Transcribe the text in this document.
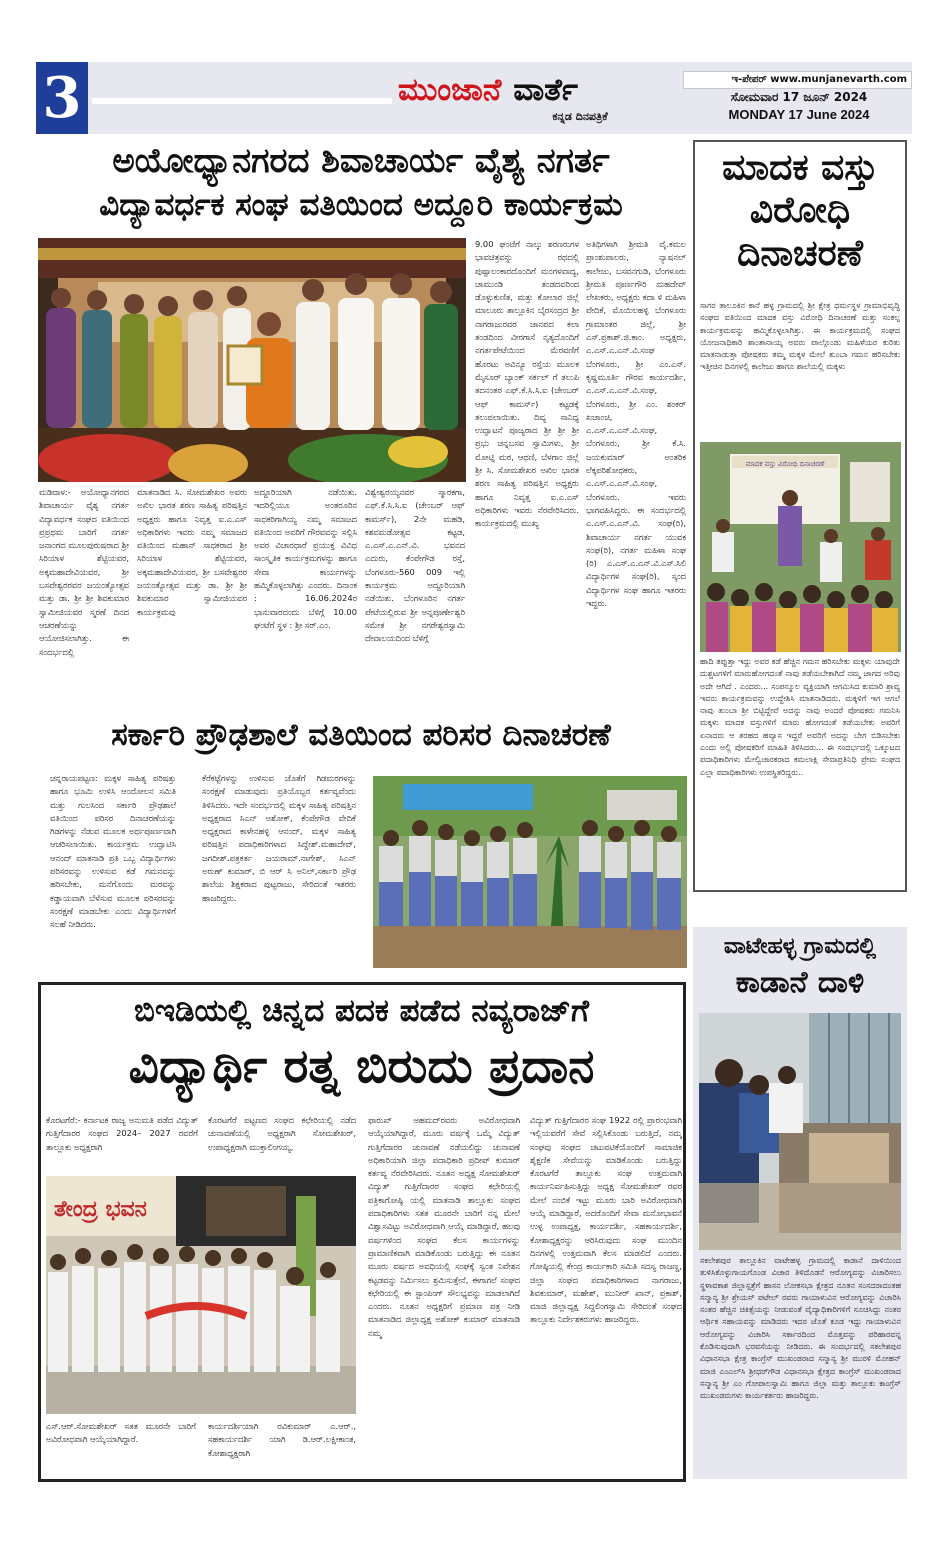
3	ಮುಂಜಾನೆ ವಾರ್ತೆ
ಕನ್ನಡ ದಿನಪತ್ರಿಕೆ
ಇ-ಪೇಪರ್ www.munjanevarth.com
ಸೋಮವಾರ 17 ಜೂನ್ 2024
MONDAY 17 June 2024
ಅಯೋಧ್ಯಾನಗರದ ಶಿವಾಚಾರ್ಯ ವೈಶ್ಯ ನಗರ್ತ
ವಿದ್ಯಾವರ್ಧಕ ಸಂಘ ವತಿಯಿಂದ ಅದ್ದೂರಿ ಕಾರ್ಯಕ್ರಮ
ಮಡಿವಾಳ:- ಅಯೋಧ್ಯಾನಗರದ ಶಿವಾಚಾರ್ಯ ವೈಶ್ಯ ನಗರ್ತ ವಿದ್ಯಾವರ್ಧಕ ಸಂಘದ ವತಿಯಿಂದ ಪ್ರಪ್ರಥಮ ಬಾರಿಗೆ ನಗರ್ತ ಜನಾಂಗದ ಮೂಲಪುರುಷರಾದ ಶ್ರೀ ಸಿರಿಯಾಳ ಶೆಟ್ಟಿಯವರ, ಅಕ್ಕಮಹಾದೇವಿಯವರ, ಶ್ರೀ ಬಸವೇಶ್ವರರವರ ಜಯಂತ್ಯೋತ್ಸವ ಮತ್ತು ಡಾ. ಶ್ರೀ ಶ್ರೀ ಶಿವಕುಮಾರ ಸ್ವಾಮೀಜಿಯವರ ಸ್ಮರಣೆ ದಿನದ ಆಚರಣೆಯನ್ನು ಆಯೋಜಿಸಲಾಗಿತ್ತು. ಈ ಸಂದರ್ಭದಲ್ಲಿ
ಮಾತನಾಡಿದ ಸಿ. ಸೋಮಶೇಖರ ಅವರು ಅಖಿಲ ಭಾರತ ಶರಣ ಸಾಹಿತ್ಯ ಪರಿಷತ್ತಿನ ಅಧ್ಯಕ್ಷರು ಹಾಗೂ ನಿವೃತ್ತ ಐ.ಎ.ಎಸ್ ಅಧಿಕಾರಿಗಳು ಇವರು ನಮ್ಮ ಸಮಾಜದ ವತಿಯಿಂದ ಮಹಾನ್ ಸಾಧಕರಾದ ಶ್ರೀ ಸಿರಿಯಾಳ ಶೆಟ್ಟಿಯವರ, ಅಕ್ಕಮಹಾದೇವಿಯವರ, ಶ್ರೀ ಬಸವೇಶ್ವರರ ಜಯಂತ್ಯೋತ್ಸವ ಮತ್ತು ಡಾ. ಶ್ರೀ ಶ್ರೀ ಶಿವಕುಮಾರ ಸ್ವಾಮೀಜಿಯವರ ಕಾರ್ಯಕ್ರಮವು
ಅದ್ದೂರಿಯಾಗಿ ನಡೆಯಿತು. ಇದರಿಲ್ಲಿಯೂ ಅಂತರೂರಿನ ಸಾಧಕರಿಗಾಗಿಯ್ಯ ನಮ್ಮ ಸಮಾಜದ ವತಿಯಿಂದ ಅವರಿಗೆ ಗೌರವವನ್ನು ಸಲ್ಲಿಸಿ ಅವರ ವಿಚಾರಧಾರೆ ಪ್ರಯುಕ್ತ ವಿವಿಧ ಸಾಂಸ್ಕೃತಿಕ ಕಾರ್ಯಕ್ರಮಗಳನ್ನು ಹಾಗೂ ಸೇವಾ ಕಾರ್ಯಗಳನ್ನು ಹಮ್ಮಿಕೊಳ್ಳಲಾಗಿತ್ತು ಎಂದರು. ದಿನಾಂಕ : 16.06.2024ರ ಭಾನುವಾರದಂದು ಬೆಳಿಗ್ಗೆ 10.00 ಘಂಟೆಗೆ ಸ್ಥಳ : ಶ್ರೀ ಸರ್.ಎಂ.
ವಿಶ್ವೇಶ್ವರಯ್ಯನವರ ಸ್ಮಾರಕಗಾ, ಎಫ್.ಕೆ.ಸಿ.ಸಿ.ಐ (ಚೇಂಬರ್ ಆಫ್ ಕಾಮರ್ಸ್), 2ನೇ ಮಹಡಿ, ಕಶವಮಡೋತ್ಸವ ಕಟ್ಟಡ, ಎ.ಎಸ್.ಎ.ಎನ್.ವಿ. ಭವನದ ಎದುರು, ಕೆಂಪೇಗೌಡ ರಸ್ತೆ, ಬೆಂಗಳೂರು-560 009 ಇಲ್ಲಿ ಕಾರ್ಯಕ್ರಮ ಅದ್ದೂರಿಯಾಗಿ ನಡೆಯಿತು. ಬೆಂಗಳೂರಿನ ನಗರ್ತ ಪೇಟೆಯಲ್ಲಿರುವ ಶ್ರೀ ಅನ್ನಪೂರ್ಣೇಶ್ವರಿ ಸಮೇತ ಶ್ರೀ ನಗರೇಶ್ವರಸ್ವಾಮಿ ದೇವಾಲಯದಿಂದ ಬೆಳಿಗ್ಗೆ
9.00 ಘಂಟೆಗೆ ನಾಲ್ಕು ಶರಣರುಗಳ ಭಾವಚಿತ್ರವನ್ನು ರಥದಲ್ಲಿ ಪುಷ್ಪಾಲಂಕಾರದೊಂದಿಗೆ ಮಂಗಳವಾದ್ಯ, ಚಾಮುಂಡಿ ತಂಡದವರಿಂದ ಡೊಳ್ಳುಕುಣಿತ, ಮತ್ತು ಕೋಲಾರ ಜಿಲ್ಲೆ ಮಾಲೂರು ತಾಲ್ಲೂಕಿನ ಬೈರಸಂದ್ರದ ಶ್ರೀ ನಾಗರಾಜುರವರ ಜಾನಪದ ಕಲಾ ತಂಡದಿಂದ ವೀರಗಾಸೆ ನೃತ್ಯದೊಂದಿಗೆ ನಗರ್ತಪೇಟೆಯಿಂದ ಮೆರವಣಿಗೆ ಹೊರಟು ಅವಿನ್ಯೂ ರಸ್ತೆಯ ಮೂಲಕ ಮೈಸೂರ್ ಬ್ಯಾಂಕ್ ಸರ್ಕಲ್ ಗೆ ತಲುಪಿ ತದನಂತರ ಎಫ್.ಕೆ.ಸಿ.ಸಿ.ಐ (ಚೇಂಬರ್ ಆಫ್ ಕಾಮರ್ಸ್) ಕಟ್ಟಡಕ್ಕೆ ತಲುಪಲಾಯಿತು. ದಿವ್ಯ ಸಾನಿಧ್ಯ ಉದ್ಘಾಟನೆ ಪೂಜ್ಯರಾದ ಶ್ರೀ ಶ್ರೀ ಶ್ರೀ ಪ್ರಭು ಚನ್ನಬಸವ ಸ್ವಾಮಿಗಳು, ಶ್ರೀ ಮೋಟ್ನಿ ಮಠ, ಆಥಣಿ, ಬೆಳಗಾಂ ಜಿಲ್ಲೆ ಶ್ರೀ ಸಿ. ಸೋಮಶೇಖರ ಅಖಿಲ ಭಾರತ ಶರಣ ಸಾಹಿತ್ಯ ಪರಿಷತ್ತಿನ ಅಧ್ಯಕ್ಷರು ಹಾಗೂ ನಿವೃತ್ತ ಐ.ಎ.ಎಸ್ ಅಧಿಕಾರಿಗಳು ಇವರು ನೆರವೇರಿಸಿದರು. ಕಾರ್ಯಕ್ರಮದಲ್ಲಿ ಮುಖ್ಯ
ಅತಿಥಿಗಳಾಗಿ ಶ್ರೀಮತಿ ವೈ.ಕಮಲ ಪ್ರಾಂಶುಪಾಲರು, ನ್ಯಾಷನಲ್ ಕಾಲೇಜು, ಬಸವನಗುಡಿ, ಬೆಂಗಳೂರು ಶ್ರೀಮತಿ ಪೂರ್ಣಗೌರಿ ಮಹದೇವ್ ಲೇಖಕರು, ಅಧ್ಯಕ್ಷರು ಕದಾ ಳಿ ಮಹಿಳಾ ವೇದಿಕೆ, ಮೊಯಿಲಹಳ್ಳಿ ಬೆಂಗಳೂರು ಗ್ರಾಮಾಂತರ ಜಿಲ್ಲೆ, ಶ್ರೀ ಎಸ್.ಪ್ರಕಾಶ್.ಜಿ.ಕಾಂ. ಅಧ್ಯಕ್ಷರು, ಎ.ಎಸ್.ಎ.ಎನ್.ವಿ.ಸಂಘ ಬೆಂಗಳೂರು, ಶ್ರೀ ಎಂ.ಎಸ್. ಕೃಷ್ಣಮೂರ್ತಿ ಗೌರವ ಕಾರ್ಯದರ್ಶಿ, ಎ.ಎಸ್.ಎ.ಎನ್.ವಿ.ಸಂಘ, ಬೆಂಗಳೂರು, ಶ್ರೀ ಎಂ. ಶಂಕರ್ ಖಜಾಂಚಿ, ಎ.ಎಸ್.ಎ.ಎನ್.ವಿ.ಸಂಘ, ಬೆಂಗಳೂರು, ಶ್ರೀ ಕೆ.ಸಿ. ಜಯಕುಮಾರ್ ಅಂತರಿಕ ಲೆಕ್ಕಪರಿಶೋಧಕರು, ಎ.ಎಸ್.ಎ.ಎನ್.ವಿ.ಸಂಘ, ಬೆಂಗಳೂರು. ಇವರು ಭಾಗವಹಿಸಿದ್ದರು. ಈ ಸಂದರ್ಭದಲ್ಲಿ ಎ.ಎಸ್.ಎ.ಎನ್.ವಿ. ಸಂಘ(ರಿ), ಶಿವಾಚಾರ್ಯ ನಗರ್ತ ಯುವಕ ಸಂಘ(ರಿ), ನಗರ್ತ ಮಹಿಳಾ ಸಂಘ (ರಿ) ಎ.ಎಸ್.ಎ.ಎನ್.ವಿ.ಎಸ್.ಸಿಲಿ ವಿದ್ಯಾರ್ಥಿಗಳ ಸಂಘ(ರಿ), ಸ್ಕಂದ ವಿದ್ಯಾರ್ಥಿಗಳ ಸಂಘ ಹಾಗೂ ಇತರರು ಇದ್ದರು.
ಸರ್ಕಾರಿ ಪ್ರೌಢಶಾಲೆ ವತಿಯಿಂದ ಪರಿಸರ ದಿನಾಚರಣೆ
ಚನ್ನರಾಯಪಟ್ಟಣ: ಮಕ್ಕಳ ಸಾಹಿತ್ಯ ಪರಿಷತ್ತು ಹಾಗೂ ಭೂಮಿ ಉಳಿಸಿ ಆಂದೋಲನ ಸಮಿತಿ ಮತ್ತು ಗುಲಸಿಂದ ಸರ್ಕಾರಿ ಪ್ರೌಢಶಾಲೆ ವತಿಯಿಂದ ಪರಿಸರ ದಿನಾಚರಣೆಯನ್ನು ಗಿಡಗಳನ್ನು ನೆಡುವ ಮೂಲಕ ಅರ್ಥಪೂರ್ಣವಾಗಿ ಆಚರಿಸಲಾಯಿತು. ಕಾರ್ಯಕ್ರಮ ಉದ್ಘಾಟಿಸಿ ಆನಂದ್ ಮಾತನಾಡಿ ಪ್ರತಿ ಒಬ್ಬ ವಿದ್ಯಾರ್ಥಿಗಳು ಪರಿಸರವನ್ನು ಉಳಿಸುವ ಕಡೆ ಗಮನವನ್ನು ಹರಿಸಬೇಕು, ಮನೆಗೊಂದು ಮರವನ್ನು ಕಡ್ಡಾಯವಾಗಿ ಬೆಳೆಸುವ ಮೂಲಕ ಪರಿಸರವನ್ನು ಸಂರಕ್ಷಣೆ ಮಾಡಬೇಕು ಎಂದು ವಿದ್ಯಾರ್ಥಿಗಳಿಗೆ ಸಲಹೆ ನೀಡಿದರು.
ಕೆರೆಕಟ್ಟೆಗಳನ್ನು ಉಳಿಸುವ ಜೊತೆಗೆ ಗಿಡಮರಗಳನ್ನು ಸಂರಕ್ಷಣೆ ಮಾಡುವುದು ಪ್ರತಿಯೊಬ್ಬರ ಕರ್ತವ್ಯವೆಂದು ತಿಳಿಸಿದರು. ಇದೇ ಸಂದರ್ಭದಲ್ಲಿ ಮಕ್ಕಳ ಸಾಹಿತ್ಯ ಪರಿಷತ್ತಿನ ಅಧ್ಯಕ್ಷರಾದ ಸಿಎನ್ ಅಶೋಕ್, ಕೆಂಪೇಗೌಡ ವೇದಿಕೆ ಅಧ್ಯಕ್ಷರಾದ ಕಾಳೇನಹಳ್ಳಿ ಆನಂದ್, ಮಕ್ಕಳ ಸಾಹಿತ್ಯ ಪರಿಷತ್ತಿನ ಪದಾಧಿಕಾರಿಗಳಾದ ಸಿದ್ದೇಶ್.ಮಹಾದೇವ್, ಜಗದೀಶ್.ಪತ್ರಕರ್ತ ಜಯರಾಮ್.ನಾಗೇಶ್, ಸಿಎನ್ ಅರುಣ್ ಕುಮಾರ್, ಬಿ ಆರ್ ಸಿ ಅನಿಲ್,ಸರ್ಕಾರಿ ಪ್ರೌಢ ಶಾಲೆಯ ಶಿಕ್ಷಕರಾದ ಪುಟ್ಟರಾಜು, ಸೇರಿದಂತೆ ಇತರರು ಹಾಜರಿದ್ದರು.
ಬಿಇಡಿಯಲ್ಲಿ ಚಿನ್ನದ ಪದಕ ಪಡೆದ ನವ್ಯರಾಜ್‌ಗೆ
ವಿದ್ಯಾರ್ಥಿ ರತ್ನ ಬಿರುದು ಪ್ರದಾನ
ಕೊರಟಗೆರೆ:- ಕರ್ನಾಟಕ ರಾಜ್ಯ ಅನುಮತಿ ಪಡೆದ ವಿದ್ಯುತ್ ಗುತ್ತಿಗೆದಾರರ ಸಂಘದ 2024– 2027 ರವರೆಗೆ ತಾಲ್ಲೂಕು ಅಧ್ಯಕ್ಷರಾಗಿ
ಕೊರಟಗೆರೆ ಪಟ್ಟಣದ ಸಂಘದ ಕಛೇರಿಯಲ್ಲಿ ನಡೆದ ಚುನಾವಣೆಯಲ್ಲಿ ಅಧ್ಯಕ್ಷರಾಗಿ ಸೋಮಶೇಖರ್, ಉಪಾಧ್ಯಕ್ಷರಾಗಿ ಮುಕ್ತಾಲಿಂಗಯ್ಯ,
ತೇಂದ್ರ ಭವನ
ಎಸ್.ಆರ್.ಸೋಮಶೇಖರ್ ಸತತ ಮೂರನೇ ಬಾರಿಗೆ ಅವಿರೋಧವಾಗಿ ಆಯ್ಕೆಯಾಗಿದ್ದಾರೆ.
ಕಾರ್ಯದರ್ಶಿಯಾಗಿ ರವಿಕುಮಾರ್ ಎ.ಆರ್., ಸಹಕಾರ್ಯದರ್ಶಿ ಯಾಗಿ ಡಿ.ಆರ್.ಲಕ್ಷೀಕಾಂತ, ಕೋಶಾಧ್ಯಕ್ಷರಾಗಿ
ಫಾರುಖ್ ಅಹಮದ್‌ರವರು ಅವಿರೋಧವಾಗಿ ಆಯ್ಕೆಯಾಗಿದ್ದಾರೆ, ಮೂರು ವರ್ಷಕ್ಕೆ ಒಮ್ಮೆ ವಿದ್ಯುತ್ ಗುತ್ತಿಗೆದಾರರ ಚುನಾವಣೆ ನಡೆಯಲಿದ್ದು ಚುನಾವಣೆ ಅಧಿಕಾರಿಯಾಗಿ ಜಿಲ್ಲಾ ಪದಾಧಿಕಾರಿ ಪ್ರದೀಪ್ ಕುಮಾರ್ ಕರ್ತವ್ಯ ನೆರವೇರಿಸಿದರು. ನೂತನ ಅಧ್ಯಕ್ಷ ಸೋಮಶೇಖರ್ ವಿದ್ಯುತ್ ಗುತ್ತಿಗೆದಾರರ ಸಂಘದ ಕಛೇರಿಯಲ್ಲಿ ಪತ್ರಿಕಾಗೋಷ್ಠಿ ಯಲ್ಲಿ ಮಾತನಾಡಿ ತಾಲ್ಲೂಕು ಸಂಘದ ಪದಾಧಿಕಾರಿಗಳು ಸತತ ಮೂರನೇ ಬಾರಿಗೆ ನನ್ನ ಮೇಲೆ ವಿಶ್ವಾಸವಿಟ್ಟು ಅವಿರೋಧವಾಗಿ ಆಯ್ಕೆ ಮಾಡಿದ್ದಾರೆ, ಹಲವು ವರ್ಷಗಳಿಂದ ಸಂಘದ ಕೆಲಸ ಕಾರ್ಯಗಳನ್ನು ಪ್ರಾಮಾಣಿಕವಾಗಿ ಮಾಡಿಕೊಂಡು ಬರುತ್ತಿದ್ದು ಈ ನೂತನ ಮೂರು ವರ್ಷದ ಅವಧಿಯಲ್ಲಿ ಸಂಘಕ್ಕೆ ಸ್ವಂತ ನಿವೇಶನ ಕಟ್ಟಡವನ್ನು ನಿರ್ಮಿಸಲು ಶ್ರಮಿಸುತ್ತೇನೆ, ಈಗಾಗಲೆ ಸಂಘದ ಕಛೇರಿಯಲ್ಲಿ ಈ ಸ್ಟಾಂಪಿಂಗ್ ಸೌಲಭ್ಯವನ್ನು ಮಾಡಲಾಗಿದೆ ಎಂದರು. ನೂತನ ಅಧ್ಯಕ್ಷರಿಗೆ ಪ್ರಮಾಣ ಪತ್ರ ನೀಡಿ ಮಾತನಾಡಿದ ಜಿಲ್ಲಾಧ್ಯಕ್ಷ ಅಶೋಕ್ ಕುಮಾರ್ ಮಾತನಾಡಿ ನಮ್ಮ
ವಿದ್ಯುತ್ ಗುತ್ತಿಗೆದಾರರ ಸಂಘ 1922 ರಲ್ಲಿ ಪ್ರಾರಂಭವಾಗಿ ಇಲ್ಲಿಯವರೆಗೆ ಸೇವೆ ಸಲ್ಲಿಸಿಕೊಂಡು ಬರುತ್ತಿದೆ, ನಮ್ಮ ಸಂಘವು ಸಂಘದ ಚಟುವಟಿಕೆಯೊಂದಿಗೆ ಸಾಮಾಜಿಕ ಶೈಕ್ಷಣಿಕ ಸೇವೆಯನ್ನು ಮಾಡಿಕೊಂಡು ಬರುತ್ತಿದ್ದು ಕೊರಟಗೆರೆ ತಾಲ್ಲೂಕು ಸಂಘ ಉತ್ತಮವಾಗಿ ಕಾರ್ಯನಿರ್ವಹಿಸುತ್ತಿದ್ದು ಅಧ್ಯಕ್ಷ ಸೋಮಶೇಖರ್ ರವರ ಮೇಲೆ ನಂಬಿಕೆ ಇಟ್ಟು ಮೂರು ಬಾರಿ ಅವಿರೋಧವಾಗಿ ಆಯ್ಕೆ ಮಾಡಿದ್ದಾರೆ, ಅದರೊಂದಿಗೆ ಸೇವಾ ಮನೋಭಾವನೆ ಉಳ್ಳ ಉಪಾಧ್ಯಕ್ಷ, ಕಾರ್ಯದರ್ಶಿ, ಸಹಕಾರ್ಯದರ್ಶಿ, ಕೋಶಾಧ್ಯಕ್ಷರನ್ನು ಆರಿಸಿರುವುದು ಸಂಘ ಮುಂದಿನ ದಿನಗಳಲ್ಲಿ ಉತ್ತಮವಾಗಿ ಕೆಲಸ ಮಾಡಲಿದೆ ಎಂದರು. ಗೋಷ್ಠಿಯಲ್ಲಿ ಕೇಂದ್ರ ಕಾರ್ಯಕಾರಿ ಸಮಿತಿ ಸದಸ್ಯ ರಾಜಣ್ಣ, ಜಿಲ್ಲಾ ಸಂಘದ ಪದಾಧಿಕಾರಿಗಳಾದ ನಾಗರಾಜು, ಶಿವಕುಮಾರ್, ಮಹೇಶ್, ಮುನೀರ್ ಖಾನ್, ಪ್ರಕಾಶ್, ಮಾಜಿ ಜಿಲ್ಲಾಧ್ಯಕ್ಷ ಸಿದ್ದಲಿಂಗಸ್ವಾಮಿ ಸೇರಿದಂತೆ ಸಂಘದ ತಾಲ್ಲೂಕು ನಿರ್ದೇಶಕರುಗಳು ಹಾಜರಿದ್ದರು.
ಮಾದಕ ವಸ್ತು ವಿರೋಧಿ ದಿನಾಚರಣೆ
ಸಾಗರ ತಾಲೂಕಿನ ಕಾನೆ ಹಳ್ಳ ಗ್ರಾಮದಲ್ಲಿ ಶ್ರೀ ಕ್ಷೇತ್ರ ಧರ್ಮಸ್ಥಳ ಗ್ರಾಮಾಭಿವೃದ್ಧಿ ಸಂಘದ ವತಿಯಿಂದ ಮಾದಕ ವಸ್ತು ವಿರೋಧಿ ದಿನಾಚರಣೆ ಮತ್ತು ಸಂಕಲ್ಪ ಕಾರ್ಯಕ್ರಮವನ್ನು ಹಮ್ಮಿಕೊಳ್ಳಲಾಗಿತ್ತು. ಈ ಕಾರ್ಯಕ್ರಮದಲ್ಲಿ ಸಂಘದ ಯೋಜನಾಧಿಕಾರಿ ಶಾಂತಾನಾಯ್ಕ ಅವರು ಪಾಲ್ಗೊಂಡು ಮಹಿಳೆಯರ ಕುರಿತು ಮಾತನಾಡುತ್ತಾ ಪೋಷಕರು ತಮ್ಮ ಮಕ್ಕಳ ಮೇಲೆ ತುಂಬಾ ಗಮನ ಹರಿಸಬೇಕು ಇತ್ತೀಚಿನ ದಿನಗಳಲ್ಲಿ ಕಾಲೇಜು ಹಾಗೂ ಶಾಲೆಯಲ್ಲಿ ಮಕ್ಕಳು
ಮಾದಕ ವಸ್ತು ವಿರೋಧಿ ದಿನಾಚರಣೆ
ಹಾದಿ ತಪ್ಪುತ್ತಾ ಇದ್ದು ಅವರ ಕಡೆ ಹೆಚ್ಚಿನ ಗಮನ ಹರಿಸಬೇಕು ಮಕ್ಕಳು ಯಾವುದೇ ದುಶ್ಚಟಗಳಿಗೆ ಮಾರುಹೋಗದಂತೆ ನಾವು ತಡೆಯಬೇಕಾಗಿದೆ ನಮ್ಮ ಜಾಗದ ಅರಿವು ಅದೇ ಆಗಿದೆ . ಎಂದರು... ಸಂಪನ್ಮೂಲ ವ್ಯಕ್ತಿಯಾಗಿ ಆಗಮಿಸಿದ ಕುಮಾರಿ ಶ್ರಾವ್ಯ ಇವರು ಕಾರ್ಯಕ್ರಮವನ್ನು ಉದ್ದೇಶಿಸಿ ಮಾತನಾಡಿದರು. ಮಕ್ಕಳಿಗೆ ಇಗ ಆಗಲೆ ನಾವು ತುಂಬಾ ಶ್ರೀ ಬಿಟ್ಟಿದ್ದೇವೆ ಅದನ್ನು ನಾವು ಅಂದರೆ ಪೋಷಕರು ಗಮನಿಸಿ ಮಕ್ಕಳು ಮಾದಕ ವಸ್ತುಗಳಿಗೆ ಮಾರು ಹೋಗದಂತೆ ತಡೆಯಬೇಕು ಅವರಿಗೆ ಏನಾದರು ಆ ತರಹದ ಹವ್ಯಾಸ ಇದ್ದರೆ ಅವರಿಗೆ ಅದನ್ನು ಬೇಗ ಬಿಡಿಸಬೇಕು ಎಂದು ಅಲ್ಲಿ ಪೋಷಕರಿಗೆ ಮಾಹಿತಿ ತಿಳಿಸಿದರು... ಈ ಸಂದರ್ಭದಲ್ಲಿ ಒಕ್ಕೂಟದ ಪದಾಧಿಕಾರಿಗಳು ಮೇಲ್ವಿಚಾರಕರಾದ ಕಮಲಾಕ್ಷಿ ಸೇವಾಪ್ರತಿನಿಧಿ ಪ್ರೇಮ ಸಂಘದ ಎಲ್ಲಾ ಪದಾಧಿಕಾರಿಗಳು ಉಪಸ್ಥಿತರಿದ್ದರು..
ವಾಟೇಹಳ್ಳ ಗ್ರಾಮದಲ್ಲಿ
ಕಾಡಾನೆ ದಾಳಿ
ಸಕಲೇಶಪುರ ತಾಲ್ಲೂಕಿನ ವಾಟೇಹಳ್ಳ ಗ್ರಾಮದಲ್ಲಿ ಕಾಡಾನೆ ದಾಳಿಯಿಂದ ತುಳಿಸಿಕೊಳ್ಳುಗಾಯಗೊಂಡ ವಿಚಾರ ತಿಳಿದೊಡನೆ ಆರೋಗ್ಯವನ್ನು ವಿಚಾರಿಸಲು ಸ್ಥಳಾವಕಾಶ ಜಿಲ್ಲಾಸ್ಪತ್ರೆಗೆ ಹಾಸನ ಲೋಕಸಭಾ ಕ್ಷೇತ್ರದ ನೂತನ ಸಂಸದರಾದಂತಹ ಸನ್ಮಾನ್ಯ ಶ್ರೀ ಶ್ರೇಯಸ್ ಪಟೇಲ್ ರವರು ಗಾಯಾಳುವಿನ ಆರೋಗ್ಯವನ್ನು ವಿಚಾರಿಸಿ ಸಂತರ ಹೆಚ್ಚಿನ ಚಿಕಿತ್ಸೆಯನ್ನು ನೀಡುವಂತೆ ವೈದ್ಯಾಧಿಕಾರಿಗಳಿಗೆ ಸೂಚಿಸಿದ್ದು ನಂತರ ಆರ್ಥಿಕ ಸಹಾಯವನ್ನು ಮಾಡಿದರು ಇದರ ಜೊತೆ ಕೂಡ ಇದ್ದು ಗಾಯಾಳುವಿನ ಆರೋಗ್ಯವನ್ನು ವಿಚಾರಿಸಿ ಸರ್ಕಾರದಿಂದ ಮೊತ್ತವನ್ನು ಪರಿಹಾರವನ್ನ ಕೊಡಿಸುವುದಾಗಿ ಭರವಸೆಯನ್ನು ನೀಡಿದರು. ಈ ಸಂದರ್ಭದಲ್ಲಿ ಸಕಲೇಶಪುರ ವಿಧಾನಸಭಾ ಕ್ಷೇತ್ರ ಕಾಂಗ್ರೆಸ್ ಮುಖಂಡರಾದ ಸನ್ಮಾನ್ಯ ಶ್ರೀ ಮುರಳಿ ಮೋಹನ್ ಮಾಜಿ ಎಂಎಲ್‌ಸಿ ಶ್ರೀಧರ್‌ಗೌಡ ವಿಧಾನಸಭಾ ಕ್ಷೇತ್ರದ ಕಾಂಗ್ರೆಸ್ ಮುಖಂಡರಾದ ಸನ್ಮಾನ್ಯ ಶ್ರೀ ಎಂ ಗೋಪಾಲಸ್ವಾಮಿ ಹಾಗೂ ಜಿಲ್ಲಾ ಮತ್ತು ತಾಲ್ಲೂಕು ಕಾಂಗ್ರೆಸ್ ಮುಖಂಡರುಗಳು ಕಾರ್ಯಕರ್ತರು ಹಾಜರಿದ್ದರು.
